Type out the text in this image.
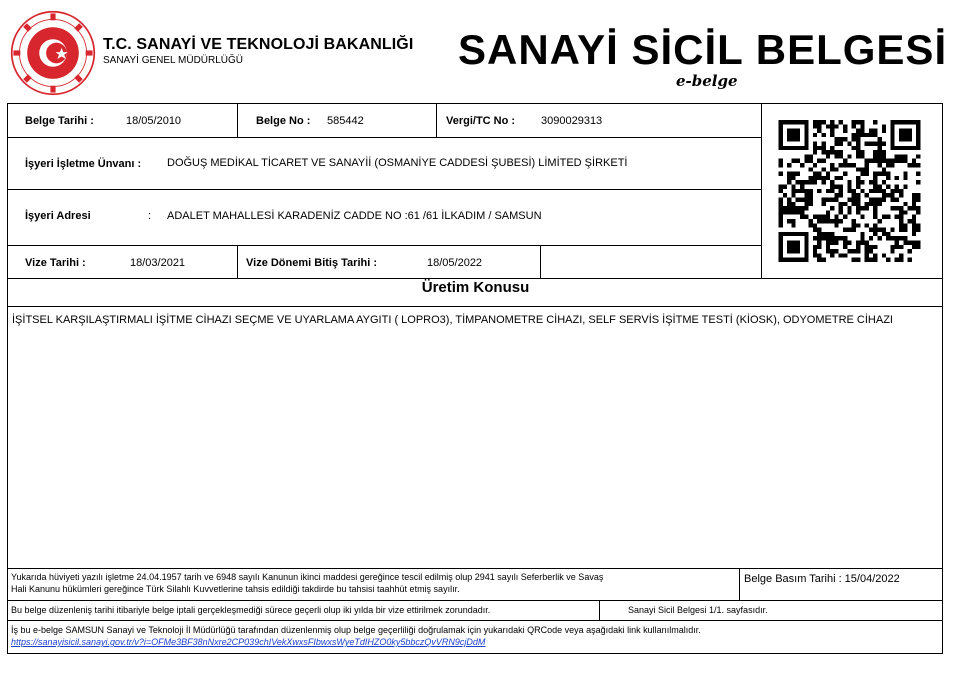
T.C. SANAYİ VE TEKNOLOJİ BAKANLIĞI
SANAYİ GENEL MÜDÜRLÜĞÜ	SANAYİ SİCİL BELGESİ
e-belge
Belge Tarihi :	18/05/2010	Belge No : 585442	Vergi/TC No : 3090029313
İşyeri İşletme Ünvanı : DOĞUŞ MEDİKAL TİCARET VE SANAYİİ (OSMANİYE CADDESİ ŞUBESİ) LİMİTED ŞİRKETİ
İşyeri Adresi	: ADALET MAHALLESİ KARADENİZ CADDE NO :61 /61 İLKADIM / SAMSUN
Vize Tarihi :	18/03/2021	Vize Dönemi Bitiş Tarihi :	18/05/2022
Üretim Konusu
İŞİTSEL KARŞILAŞTIRMALI İŞİTME CİHAZI SEÇME VE UYARLAMA AYGITI ( LOPRO3), TİMPANOMETRE CİHAZI, SELF SERVİS İŞİTME TESTİ (KİOSK), ODYOMETRE CİHAZI
Yukarıda hüviyeti yazılı işletme 24.04.1957 tarih ve 6948 sayılı Kanunun ikinci maddesi gereğince tescil edilmiş olup 2941 sayılı Seferberlik ve Savaş
Hali Kanunu hükümleri gereğince Türk Silahlı Kuvvetlerine tahsis edildiği takdirde bu tahsisi taahhüt etmiş sayılır.
Belge Basım Tarihi : 15/04/2022
Bu belge düzenleniş tarihi itibariyle belge iptali gerçekleşmediği sürece geçerli olup iki yılda bir vize ettirilmek zorundadır.	Sanayi Sicil Belgesi 1/1. sayfasıdır.
İş bu e-belge SAMSUN Sanayi ve Teknoloji İl Müdürlüğü tarafından düzenlenmiş olup belge geçerliliği doğrulamak için yukarıdaki QRCode veya aşağıdaki link kullanılmalıdır.
https://sanayisicil.sanayi.gov.tr/v?i=OFMe3BF38nNxre2CP039chIVekXwxsFIbwxsWyeTdIHZO0ky5bbczQvVRN9cjDdM
